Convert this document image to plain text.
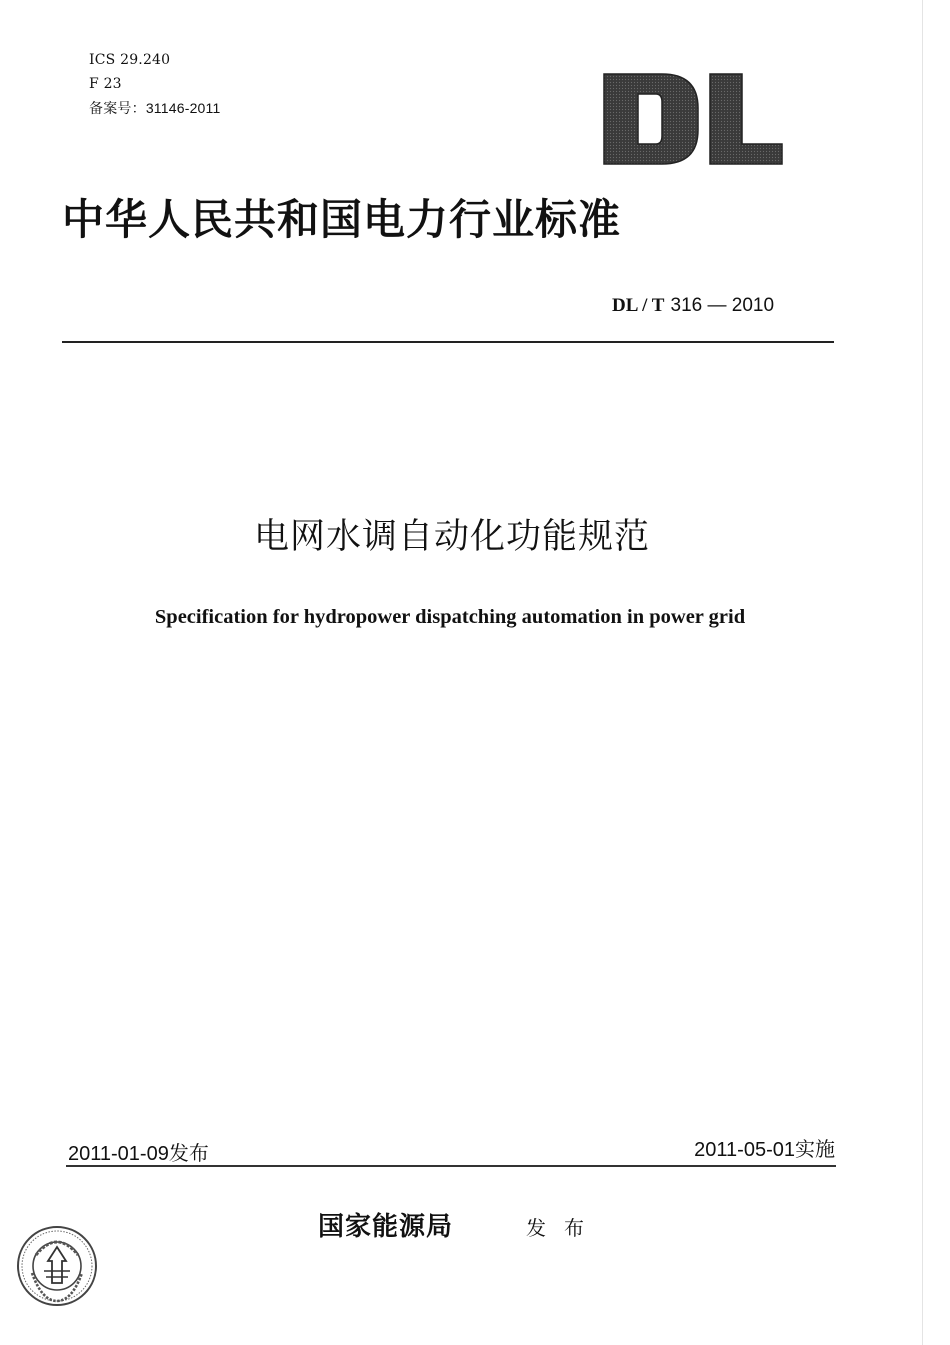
ICS 29.240
F 23
备案号：31146-2011
中华人民共和国电力行业标准
DL / T 316 — 2010
电网水调自动化功能规范
Specification for hydropower dispatching automation in power grid
2011-01-09发布	2011-05-01实施
国家能源局	发布
